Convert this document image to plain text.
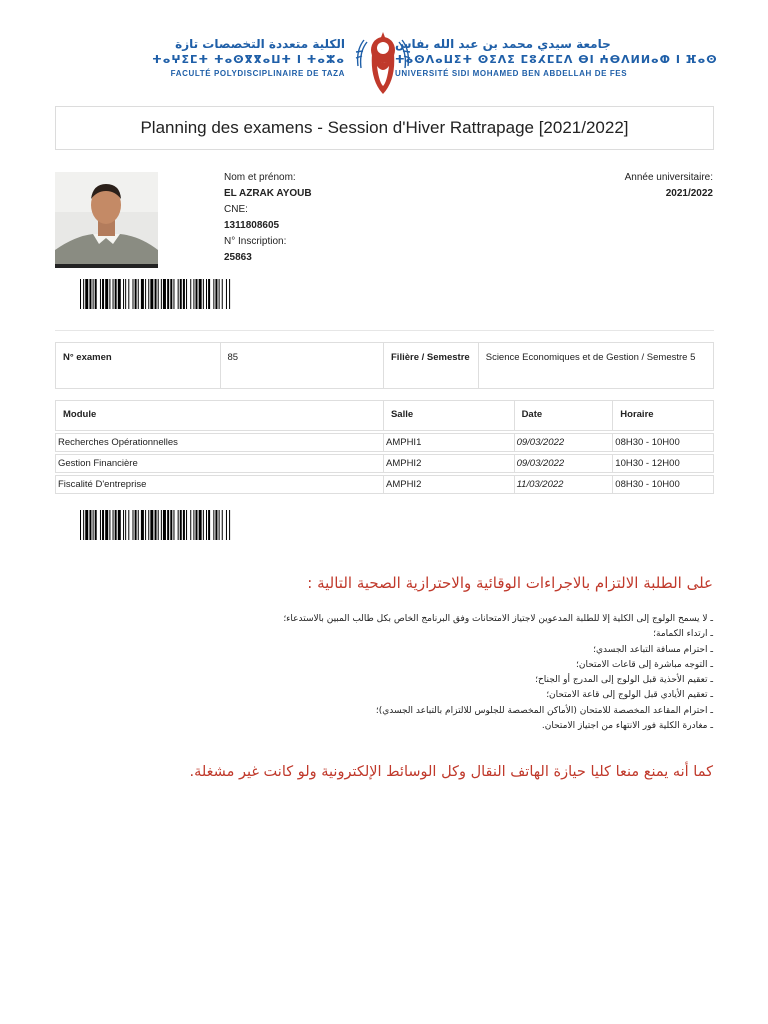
الكلية متعددة التخصصات تازة
ⵜⴰⵖⵉⵎⵜ ⵜⴰⵙⴳⴳⴰⵡⵜ ⵏ ⵜⴰⵣⴰ
FACULTÉ POLYDISCIPLINAIRE DE TAZA
جامعة سيدي محمد بن عبد الله بفاس
ⵜⴰⵙⴷⴰⵡⵉⵜ ⵙⵉⴷⵉ ⵎⵓⵃⵎⵎⴷ ⴱⵏ ⵄⴱⴷⵍⵍⴰⵀ ⵏ ⴼⴰⵙ
UNIVERSITÉ SIDI MOHAMED BEN ABDELLAH DE FES
Planning des examens - Session d'Hiver Rattrapage [2021/2022]
Nom et prénom:
EL AZRAK AYOUB
CNE:
1311808605
N° Inscription:
25863
Année universitaire:
2021/2022
N° examen	85	Filière / Semestre	Science Economiques et de Gestion / Semestre 5
Module	Salle	Date	Horaire
Recherches Opérationnelles	AMPHI1	09/03/2022	08H30 - 10H00
Gestion Financière	AMPHI2	09/03/2022	10H30 - 12H00
Fiscalité D'entreprise	AMPHI2	11/03/2022	08H30 - 10H00
على الطلبة الالتزام بالاجراءات الوقائية والاحترازية الصحية التالية :
ـ لا يسمح الولوج إلى الكلية إلا للطلبة المدعوين لاجتياز الامتحانات وفق البرنامج الخاص بكل طالب المبين بالاستدعاء؛
ـ ارتداء الكمامة؛
ـ احترام مسافة التباعد الجسدي؛
ـ التوجه مباشرة إلى قاعات الامتحان؛
ـ تعقيم الأحذية قبل الولوج إلى المدرج أو الجناح؛
ـ تعقيم الأيادي قبل الولوج إلى قاعة الامتحان؛
ـ احترام المقاعد المخصصة للامتحان (الأماكن المخصصة للجلوس للالتزام بالتباعد الجسدي)؛
ـ مغادرة الكلية فور الانتهاء من اجتياز الامتحان.
كما أنه يمنع منعا كليا حيازة الهاتف النقال وكل الوسائط الإلكترونية ولو كانت غير مشغلة.
